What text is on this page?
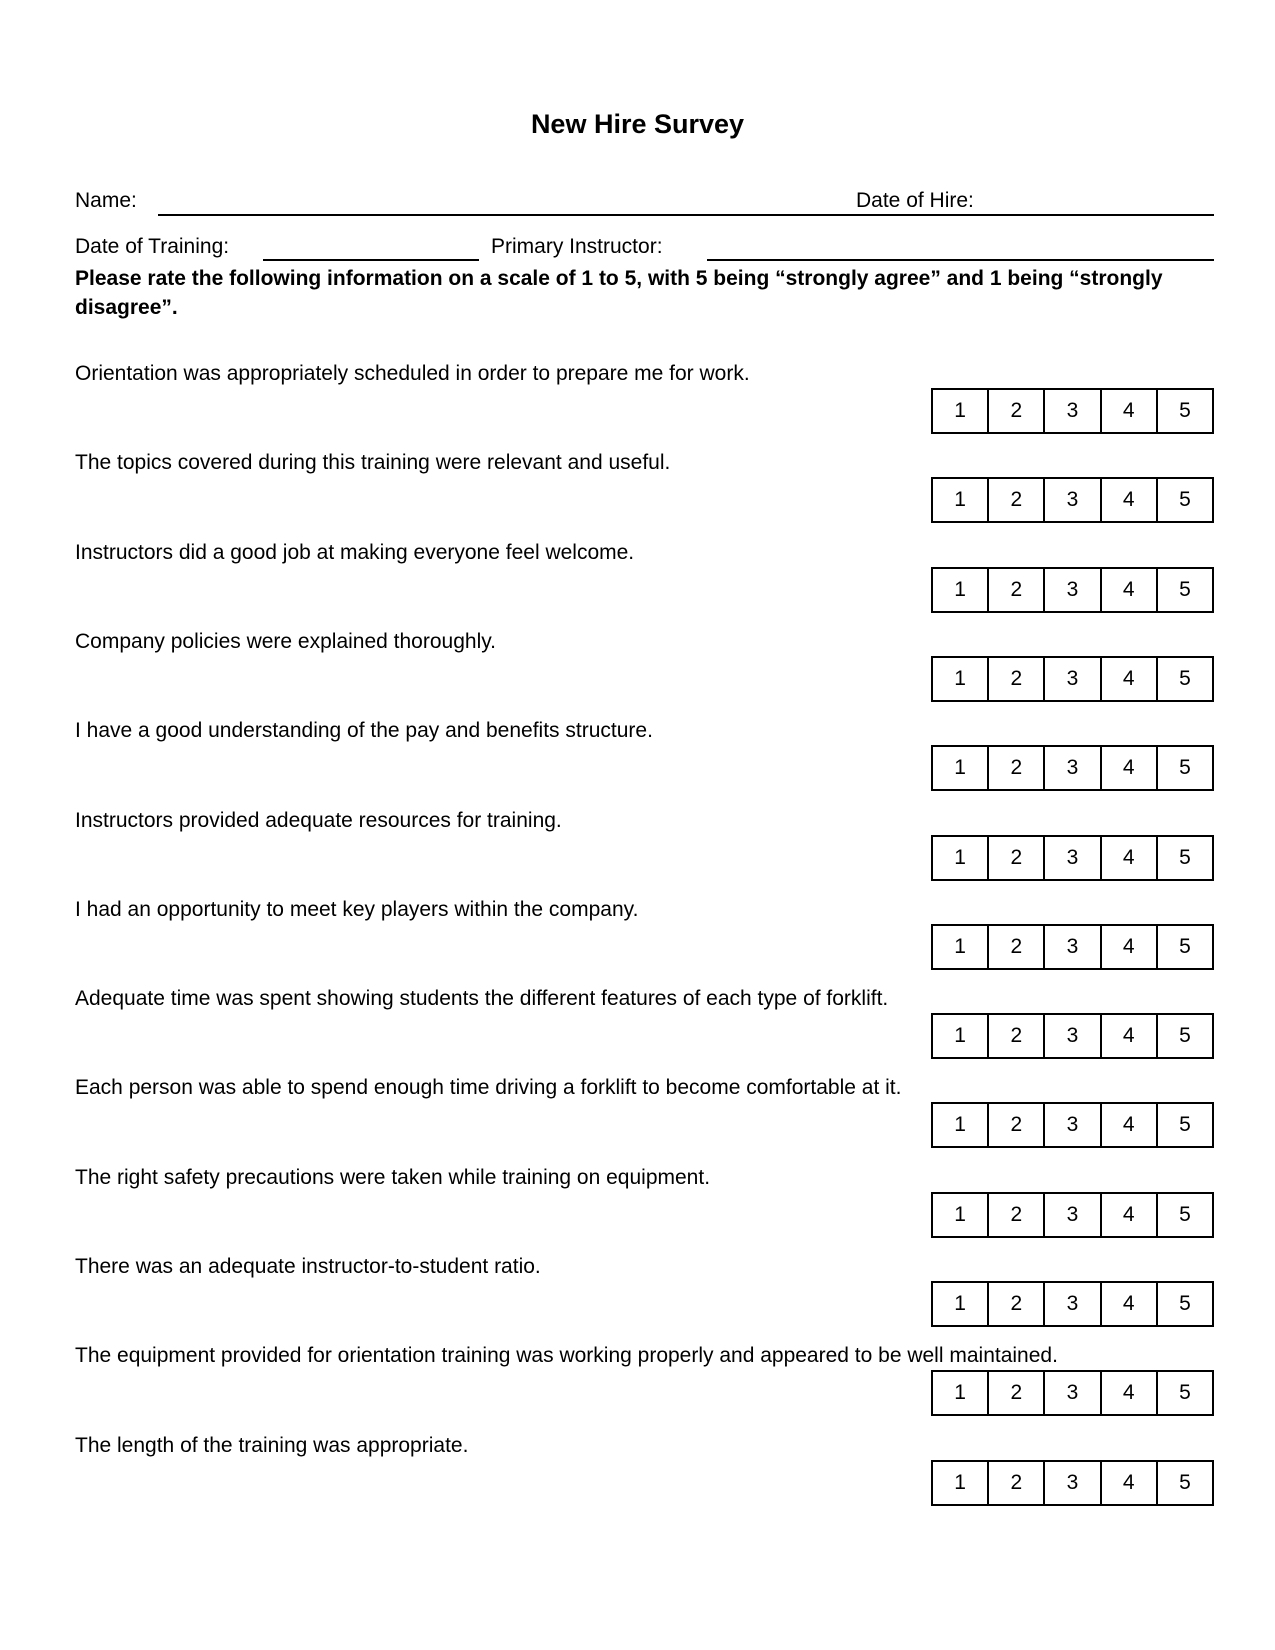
New Hire Survey
Name:	Date of Hire:
Date of Training:	Primary Instructor:
Please rate the following information on a scale of 1 to 5, with 5 being “strongly agree” and 1 being “strongly disagree”.
Orientation was appropriately scheduled in order to prepare me for work.
1	2	3	4	5
The topics covered during this training were relevant and useful.
1	2	3	4	5
Instructors did a good job at making everyone feel welcome.
1	2	3	4	5
Company policies were explained thoroughly.
1	2	3	4	5
I have a good understanding of the pay and benefits structure.
1	2	3	4	5
Instructors provided adequate resources for training.
1	2	3	4	5
I had an opportunity to meet key players within the company.
1	2	3	4	5
Adequate time was spent showing students the different features of each type of forklift.
1	2	3	4	5
Each person was able to spend enough time driving a forklift to become comfortable at it.
1	2	3	4	5
The right safety precautions were taken while training on equipment.
1	2	3	4	5
There was an adequate instructor-to-student ratio.
1	2	3	4	5
The equipment provided for orientation training was working properly and appeared to be well maintained.
1	2	3	4	5
The length of the training was appropriate.
1	2	3	4	5
